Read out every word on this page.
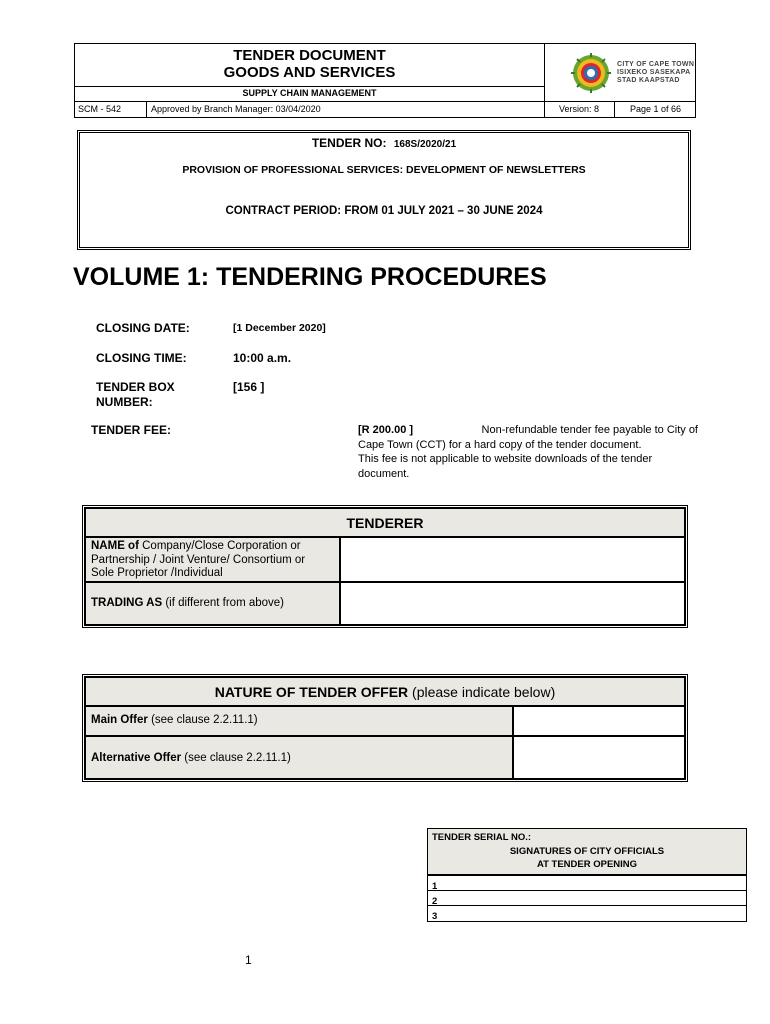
TENDER DOCUMENT
GOODS AND SERVICES
SUPPLY CHAIN MANAGEMENT
SCM - 542	Approved by Branch Manager: 03/04/2020	Version: 8	Page 1 of 66
CITY OF CAPE TOWN
ISIXEKO SASEKAPA
STAD KAAPSTAD
TENDER NO: 168S/2020/21
PROVISION OF PROFESSIONAL SERVICES: DEVELOPMENT OF NEWSLETTERS
CONTRACT PERIOD: FROM 01 JULY 2021 – 30 JUNE 2024
VOLUME 1: TENDERING PROCEDURES
CLOSING DATE:	[1 December 2020]
CLOSING TIME:	10:00 a.m.
TENDER BOX
NUMBER:
[156 ]
TENDER FEE:	[R 200.00 ]	Non-refundable tender fee payable to City of
Cape Town (CCT) for a hard copy of the tender document.
This fee is not applicable to website downloads of the tender
document.
TENDERER
NAME of Company/Close Corporation or
Partnership / Joint Venture/ Consortium or
Sole Proprietor /Individual
TRADING AS (if different from above)
NATURE OF TENDER OFFER (please indicate below)
Main Offer (see clause 2.2.11.1)
Alternative Offer (see clause 2.2.11.1)
TENDER SERIAL NO.:
SIGNATURES OF CITY OFFICIALS
AT TENDER OPENING
1
2
3
1
